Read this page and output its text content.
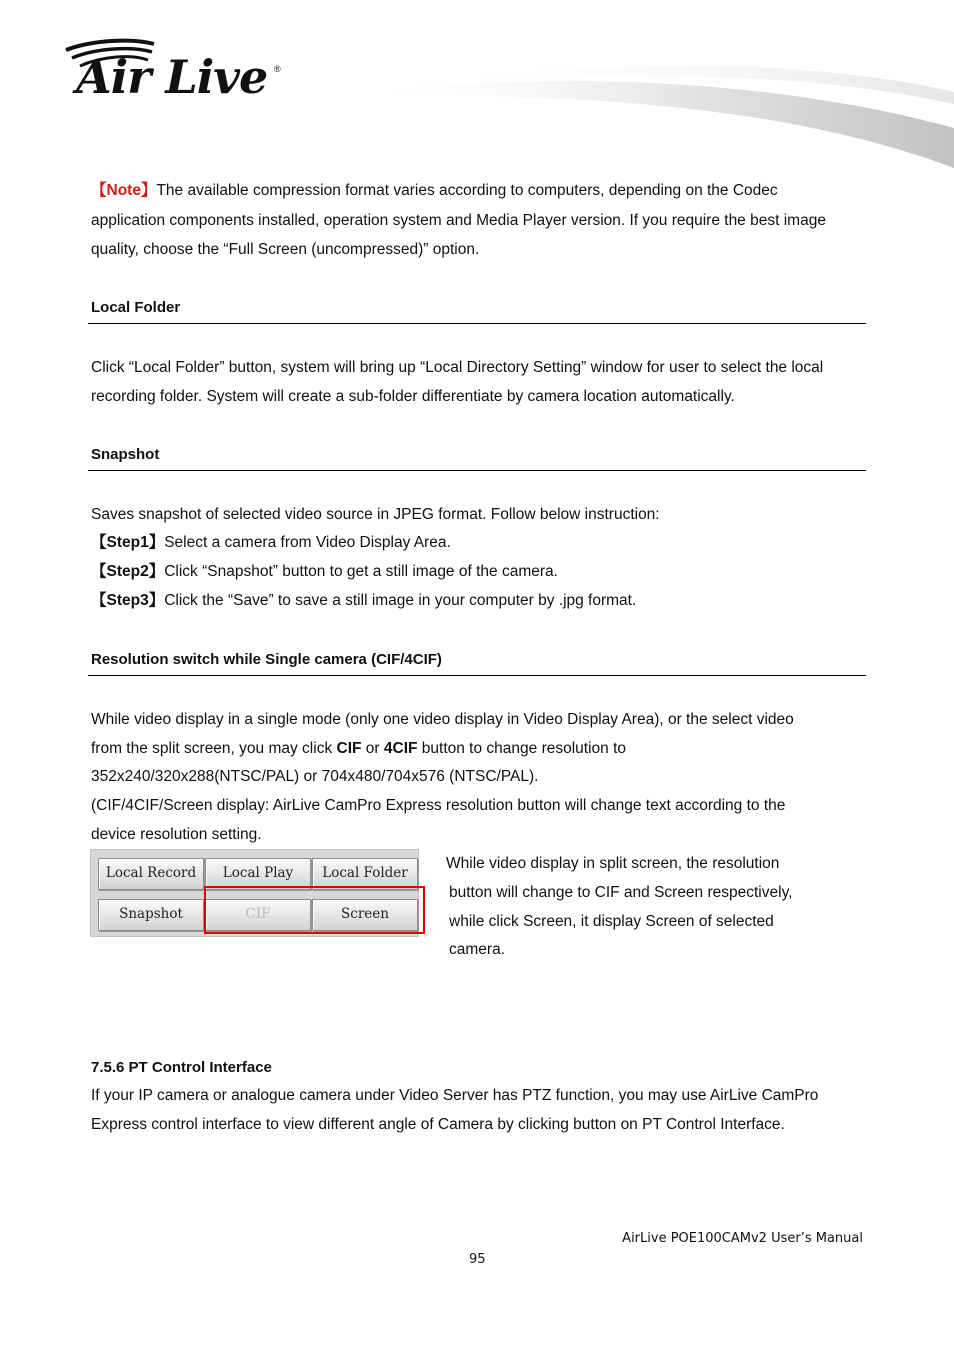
Air Live ®
【Note】The available compression format varies according to computers, depending on the Codec
application components installed, operation system and Media Player version. If you require the best image
quality, choose the “Full Screen (uncompressed)” option.
Local Folder
Click “Local Folder” button, system will bring up “Local Directory Setting” window for user to select the local
recording folder. System will create a sub-folder differentiate by camera location automatically.
Snapshot
Saves snapshot of selected video source in JPEG format. Follow below instruction:
【Step1】Select a camera from Video Display Area.
【Step2】Click “Snapshot” button to get a still image of the camera.
【Step3】Click the “Save” to save a still image in your computer by .jpg format.
Resolution switch while Single camera (CIF/4CIF)
While video display in a single mode (only one video display in Video Display Area), or the select video
from the split screen, you may click CIF or 4CIF button to change resolution to
352x240/320x288(NTSC/PAL) or 704x480/704x576 (NTSC/PAL).
(CIF/4CIF/Screen display: AirLive CamPro Express resolution button will change text according to the
device resolution setting.
Local Record	Local Play	Local Folder
Snapshot	CIF	Screen
While video display in split screen, the resolution
button will change to CIF and Screen respectively,
while click Screen, it display Screen of selected
camera.
7.5.6 PT Control Interface
If your IP camera or analogue camera under Video Server has PTZ function, you may use AirLive CamPro
Express control interface to view different angle of Camera by clicking button on PT Control Interface.
AirLive POE100CAMv2 User’s Manual
95
